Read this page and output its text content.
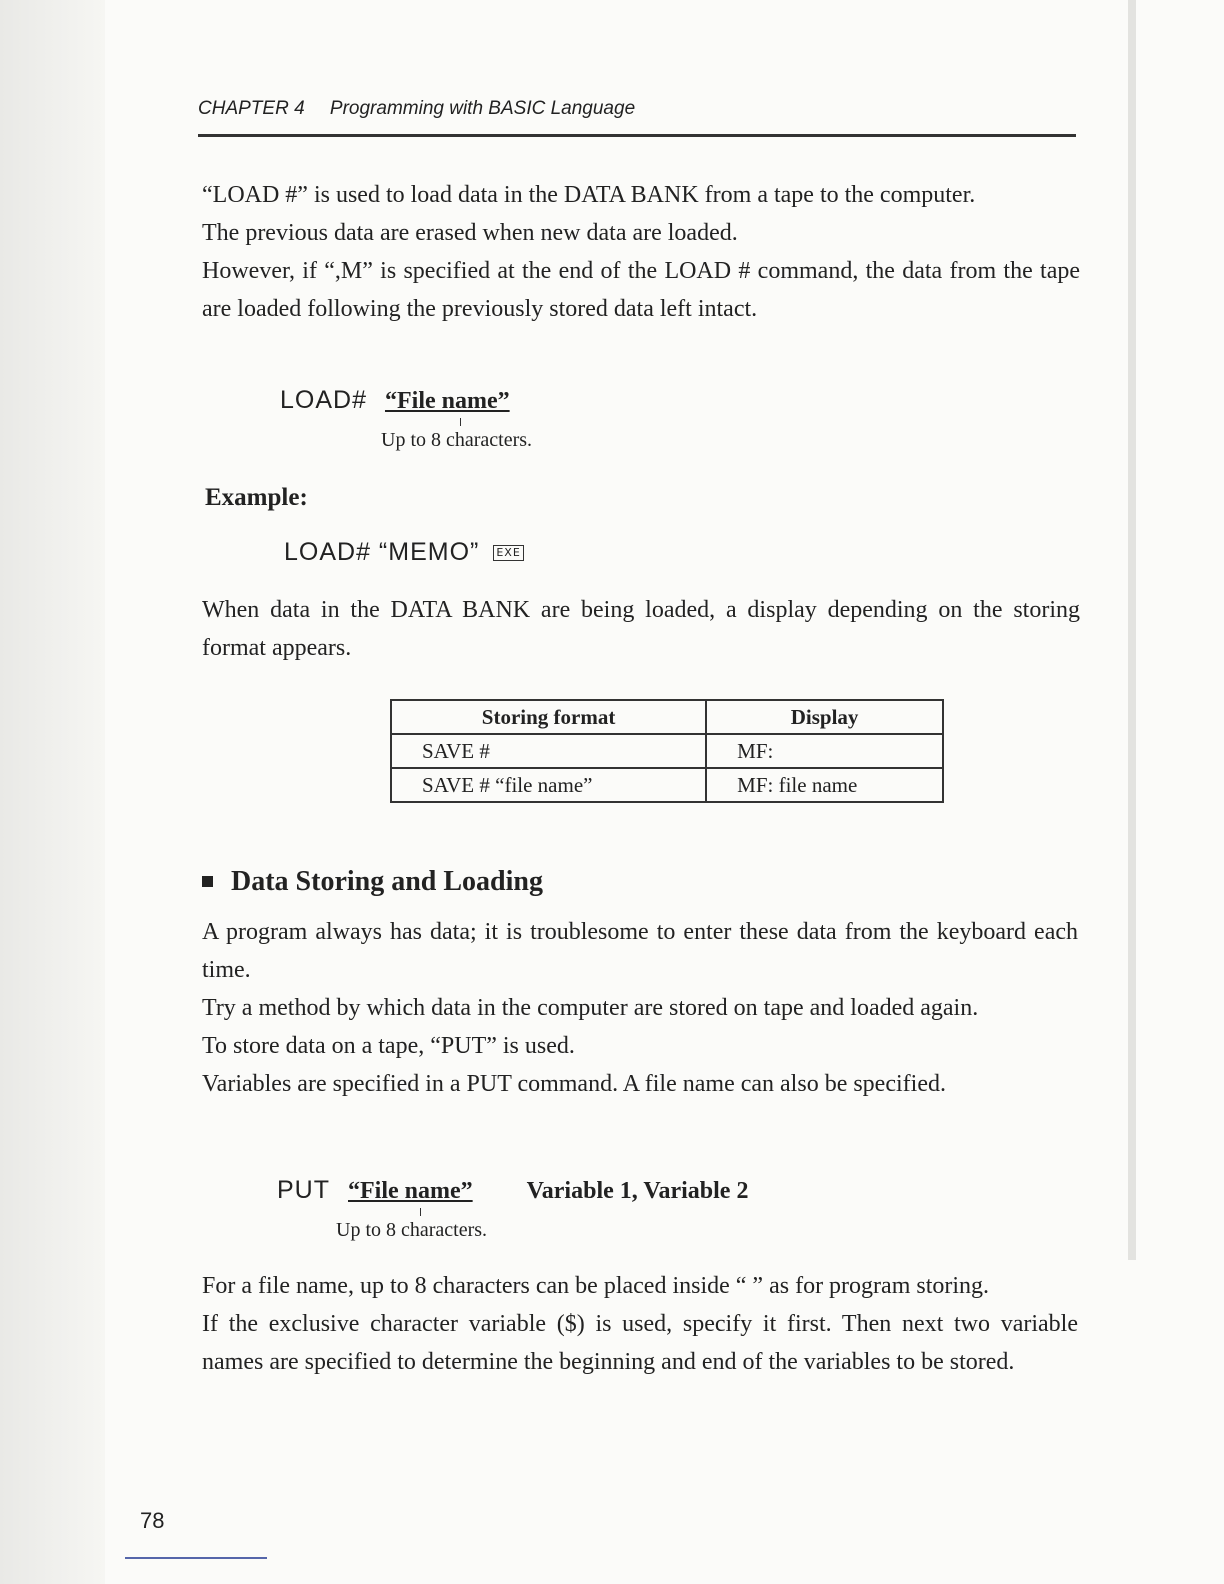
CHAPTER 4 Programming with BASIC Language

“LOAD #” is used to load data in the DATA BANK from a tape to the computer.

The previous data are erased when new data are loaded.

However, if “,M” is specified at the end of the LOAD # command, the data from the tape are loaded following the previously stored data left intact.

LOAD# “File name”
Up to 8 characters.
Example:
LOAD# “MEMO” EXE

When data in the DATA BANK are being loaded, a display depending on the storing format appears.

Storing format	Display
SAVE #	MF:
SAVE # “file name”	MF: file name
Data Storing and Loading

A program always has data; it is troublesome to enter these data from the keyboard each time.

Try a method by which data in the computer are stored on tape and loaded again.

To store data on a tape, “PUT” is used.

Variables are specified in a PUT command. A file name can also be specified.

PUT “File name” Variable 1, Variable 2
Up to 8 characters.

For a file name, up to 8 characters can be placed inside “ ” as for program storing.

If the exclusive character variable ($) is used, specify it first. Then next two variable names are specified to determine the beginning and end of the variables to be stored.

78
